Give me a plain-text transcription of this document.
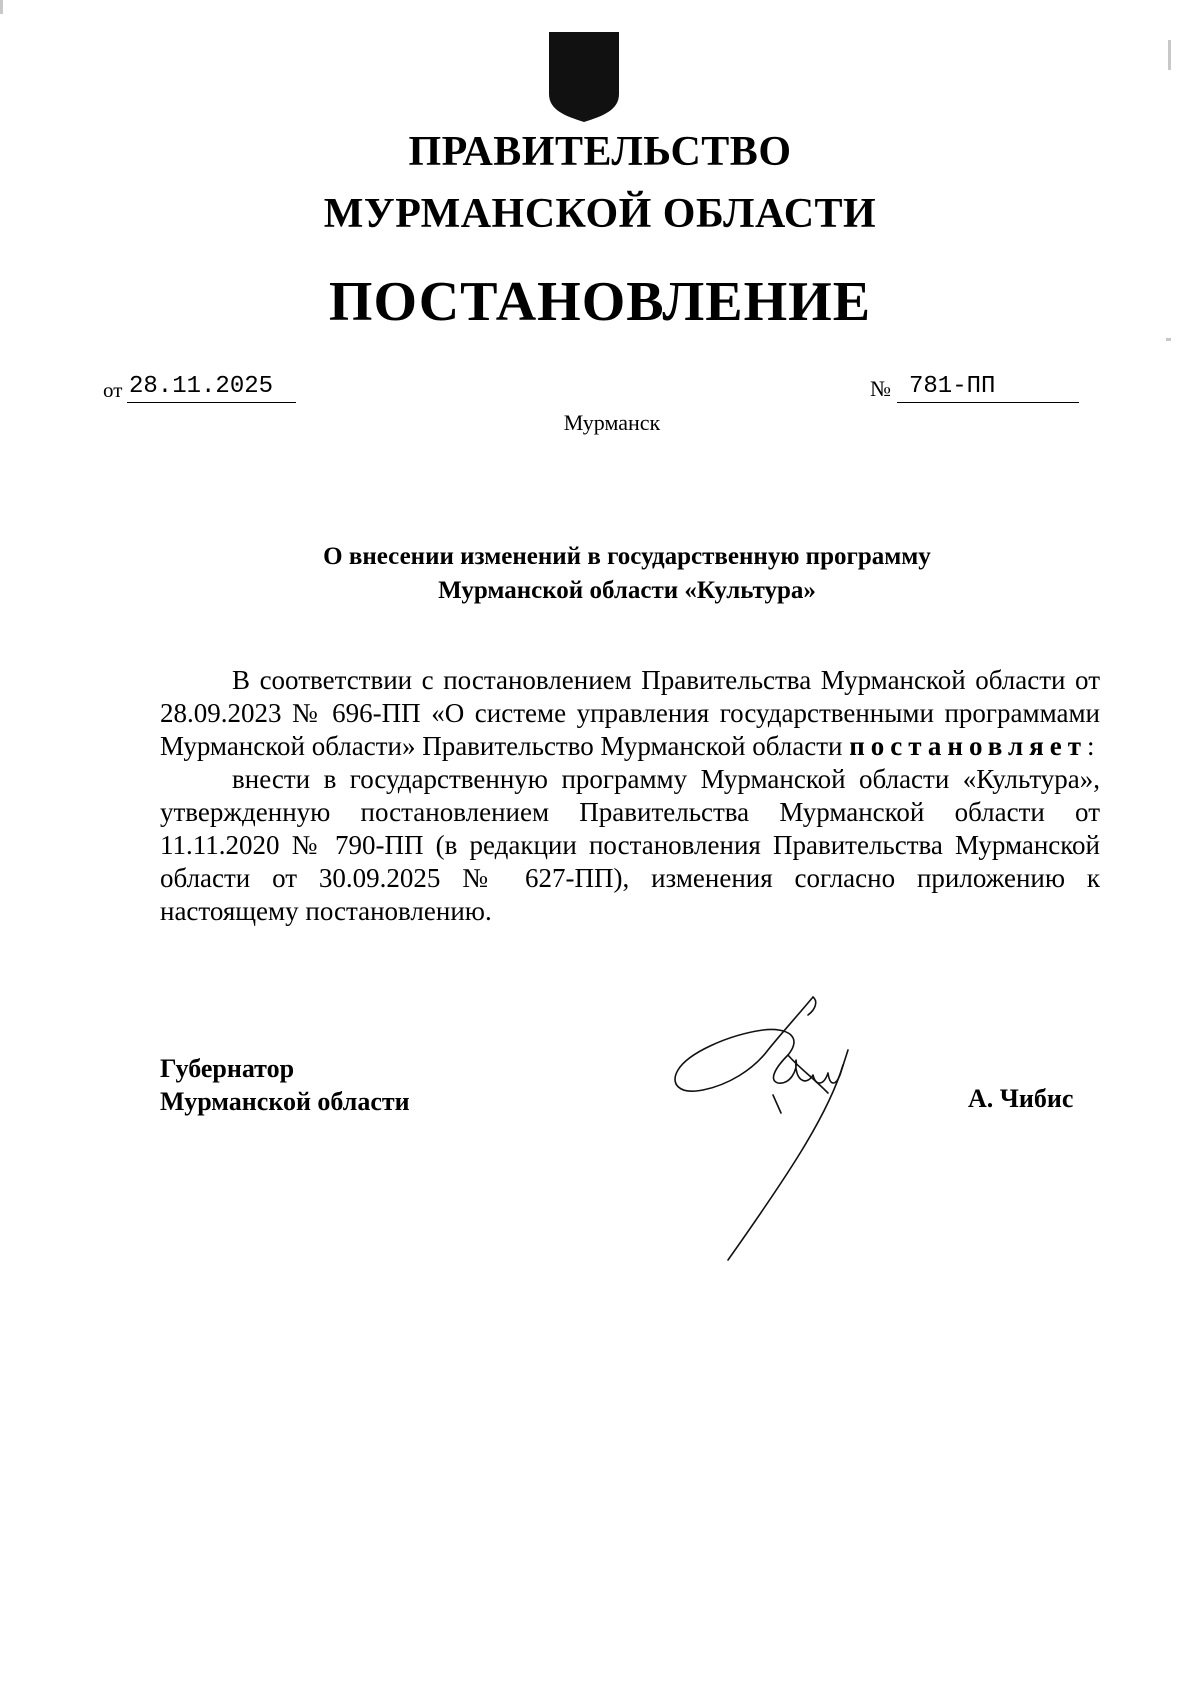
ПРАВИТЕЛЬСТВО
МУРМАНСКОЙ ОБЛАСТИ
ПОСТАНОВЛЕНИЕ
от 28.11.2025	№ 781-ПП
Мурманск
О внесении изменений в государственную программу
Мурманской области «Культура»

В соответствии с постановлением Правительства Мурманской области от 28.09.2023 № 696-ПП «О системе управления государственными программами Мурманской области» Правительство Мурманской области постановляет:

внести в государственную программу Мурманской области «Культура», утвержденную постановлением Правительства Мурманской области от 11.11.2020 № 790-ПП (в редакции постановления Правительства Мурманской области от 30.09.2025 № 627-ПП), изменения согласно приложению к настоящему постановлению.

Губернатор
Мурманской области	А. Чибис
